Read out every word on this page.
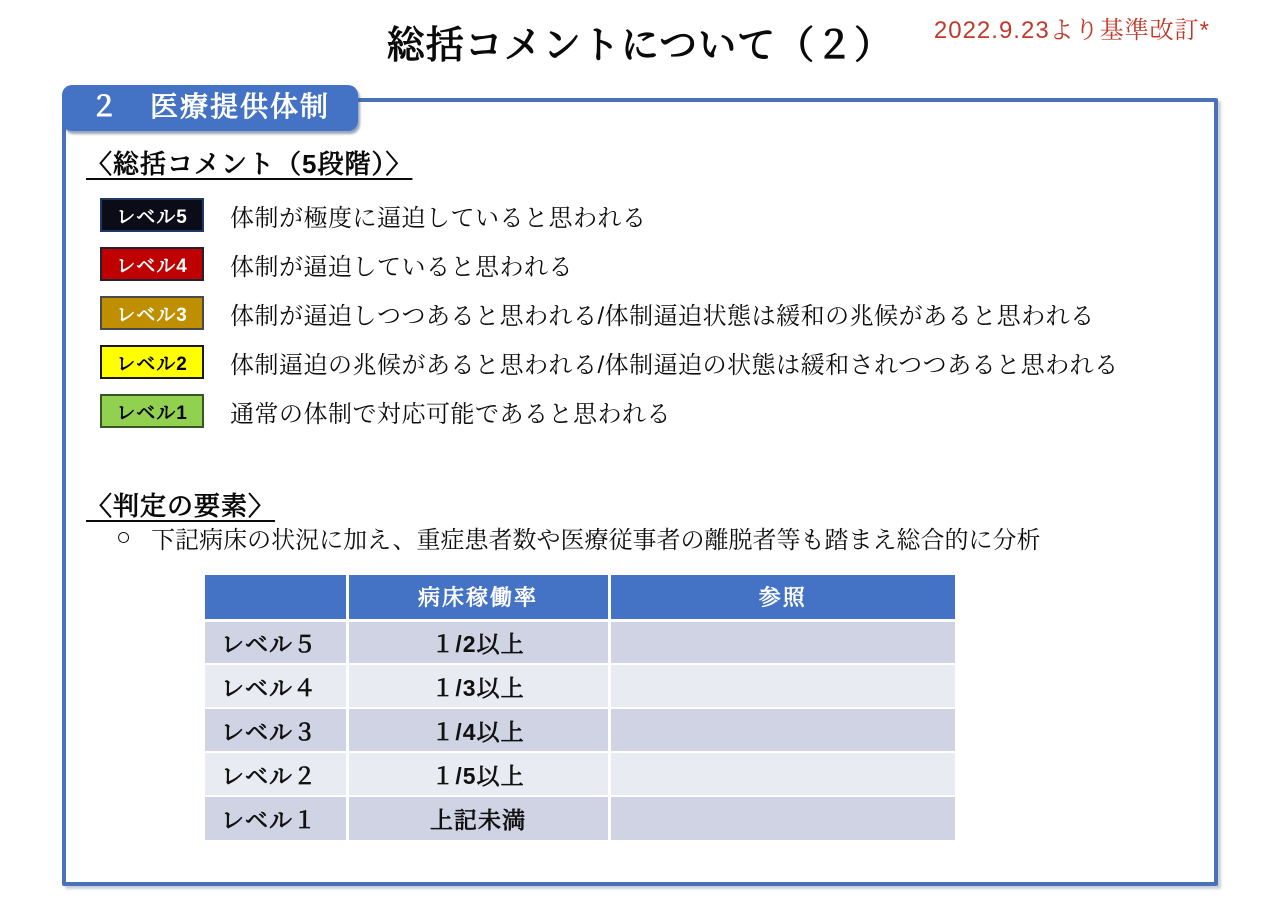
総括コメントについて（２）	2022.9.23より基準改訂*
２　医療提供体制
〈総括コメント（5段階）〉
レベル5	体制が極度に逼迫していると思われる
レベル4	体制が逼迫していると思われる
レベル3	体制が逼迫しつつあると思われる/体制逼迫状態は緩和の兆候があると思われる
レベル2	体制逼迫の兆候があると思われる/体制逼迫の状態は緩和されつつあると思われる
レベル1	通常の体制で対応可能であると思われる
〈判定の要素〉
○ 下記病床の状況に加え、重症患者数や医療従事者の離脱者等も踏まえ総合的に分析
	病床稼働率	参照
レベル５	１/2以上	
レベル４	１/3以上	
レベル３	１/4以上	
レベル２	１/5以上	
レベル１	上記未満	
